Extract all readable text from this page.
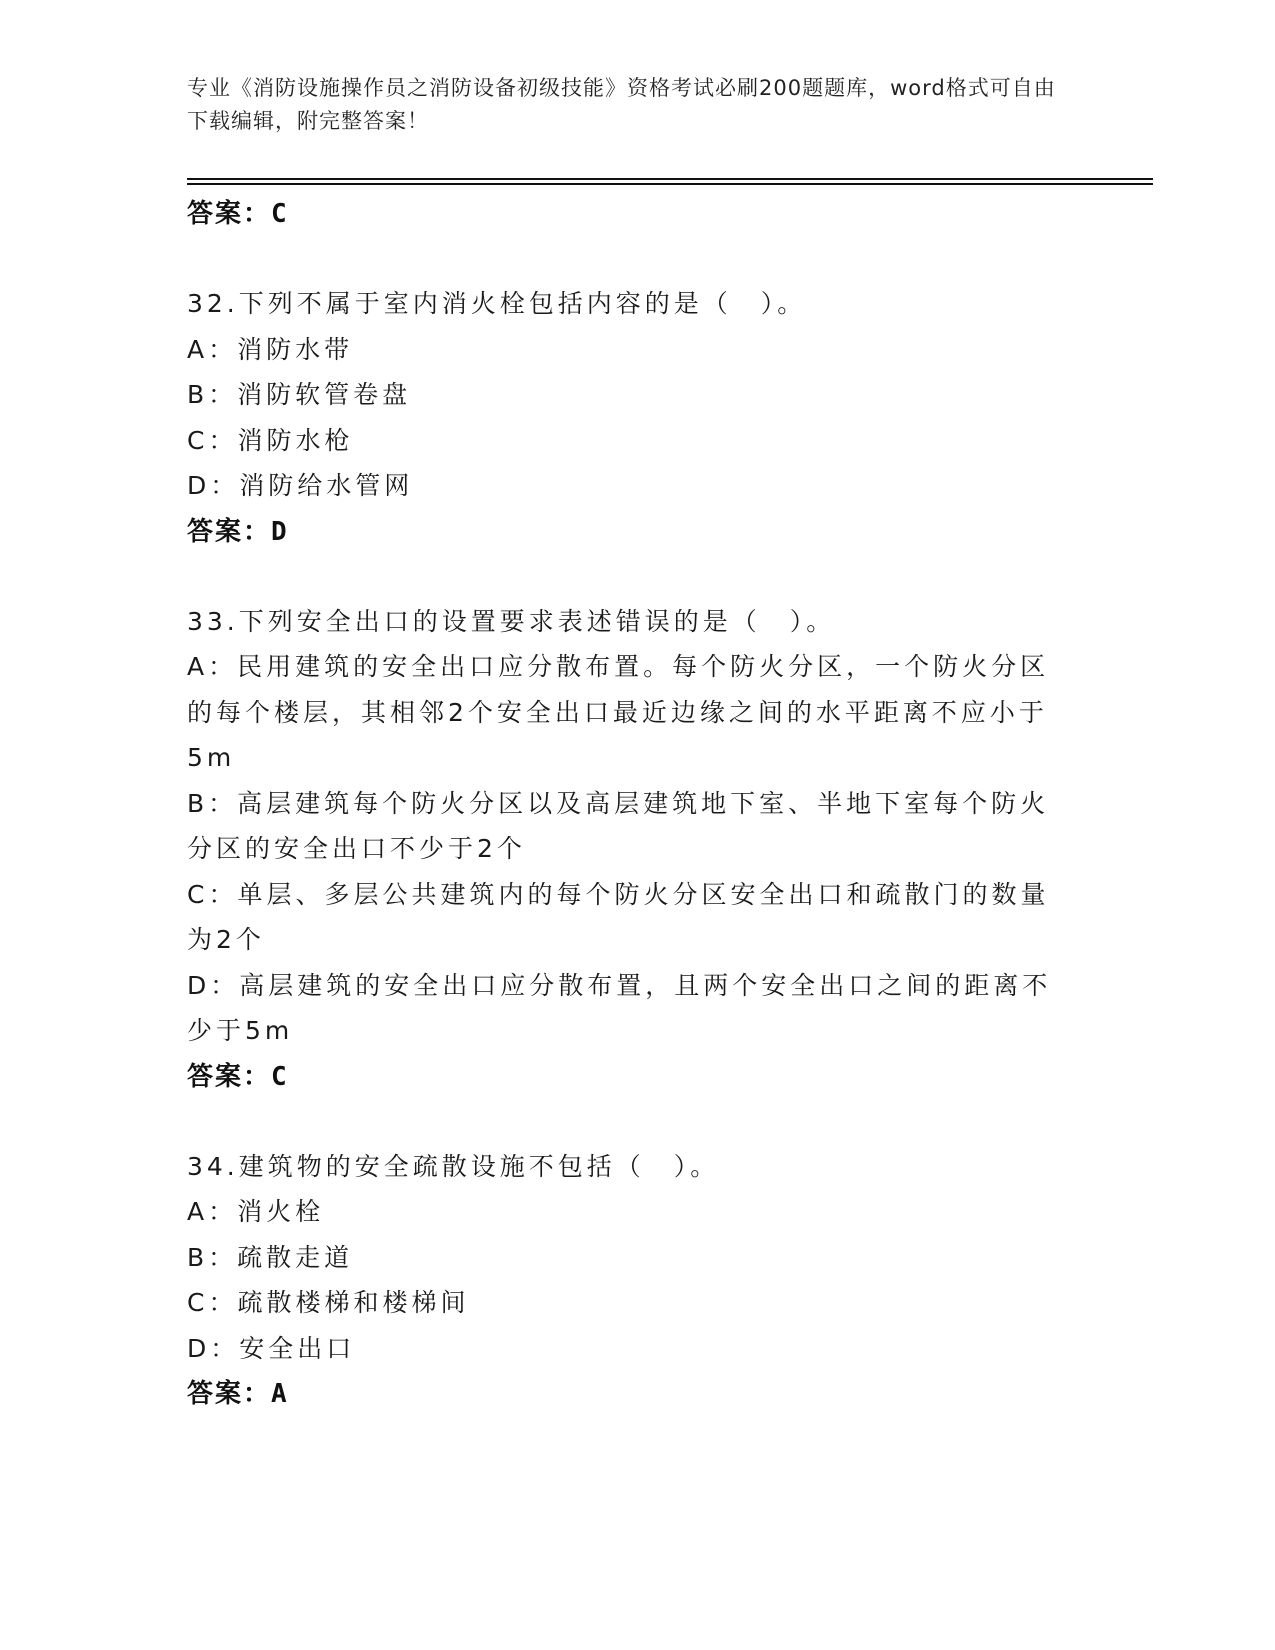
专业《消防设施操作员之消防设备初级技能》资格考试必刷200题题库，word格式可自由下载编辑，附完整答案！
答案：C
32.下列不属于室内消火栓包括内容的是（　）。
A：消防水带
B：消防软管卷盘
C：消防水枪
D：消防给水管网
答案：D
33.下列安全出口的设置要求表述错误的是（　）。
A：民用建筑的安全出口应分散布置。每个防火分区，一个防火分区的每个楼层，其相邻2个安全出口最近边缘之间的水平距离不应小于5m
B：高层建筑每个防火分区以及高层建筑地下室、半地下室每个防火分区的安全出口不少于2个
C：单层、多层公共建筑内的每个防火分区安全出口和疏散门的数量为2个
D：高层建筑的安全出口应分散布置，且两个安全出口之间的距离不少于5m
答案：C
34.建筑物的安全疏散设施不包括（　）。
A：消火栓
B：疏散走道
C：疏散楼梯和楼梯间
D：安全出口
答案：A
